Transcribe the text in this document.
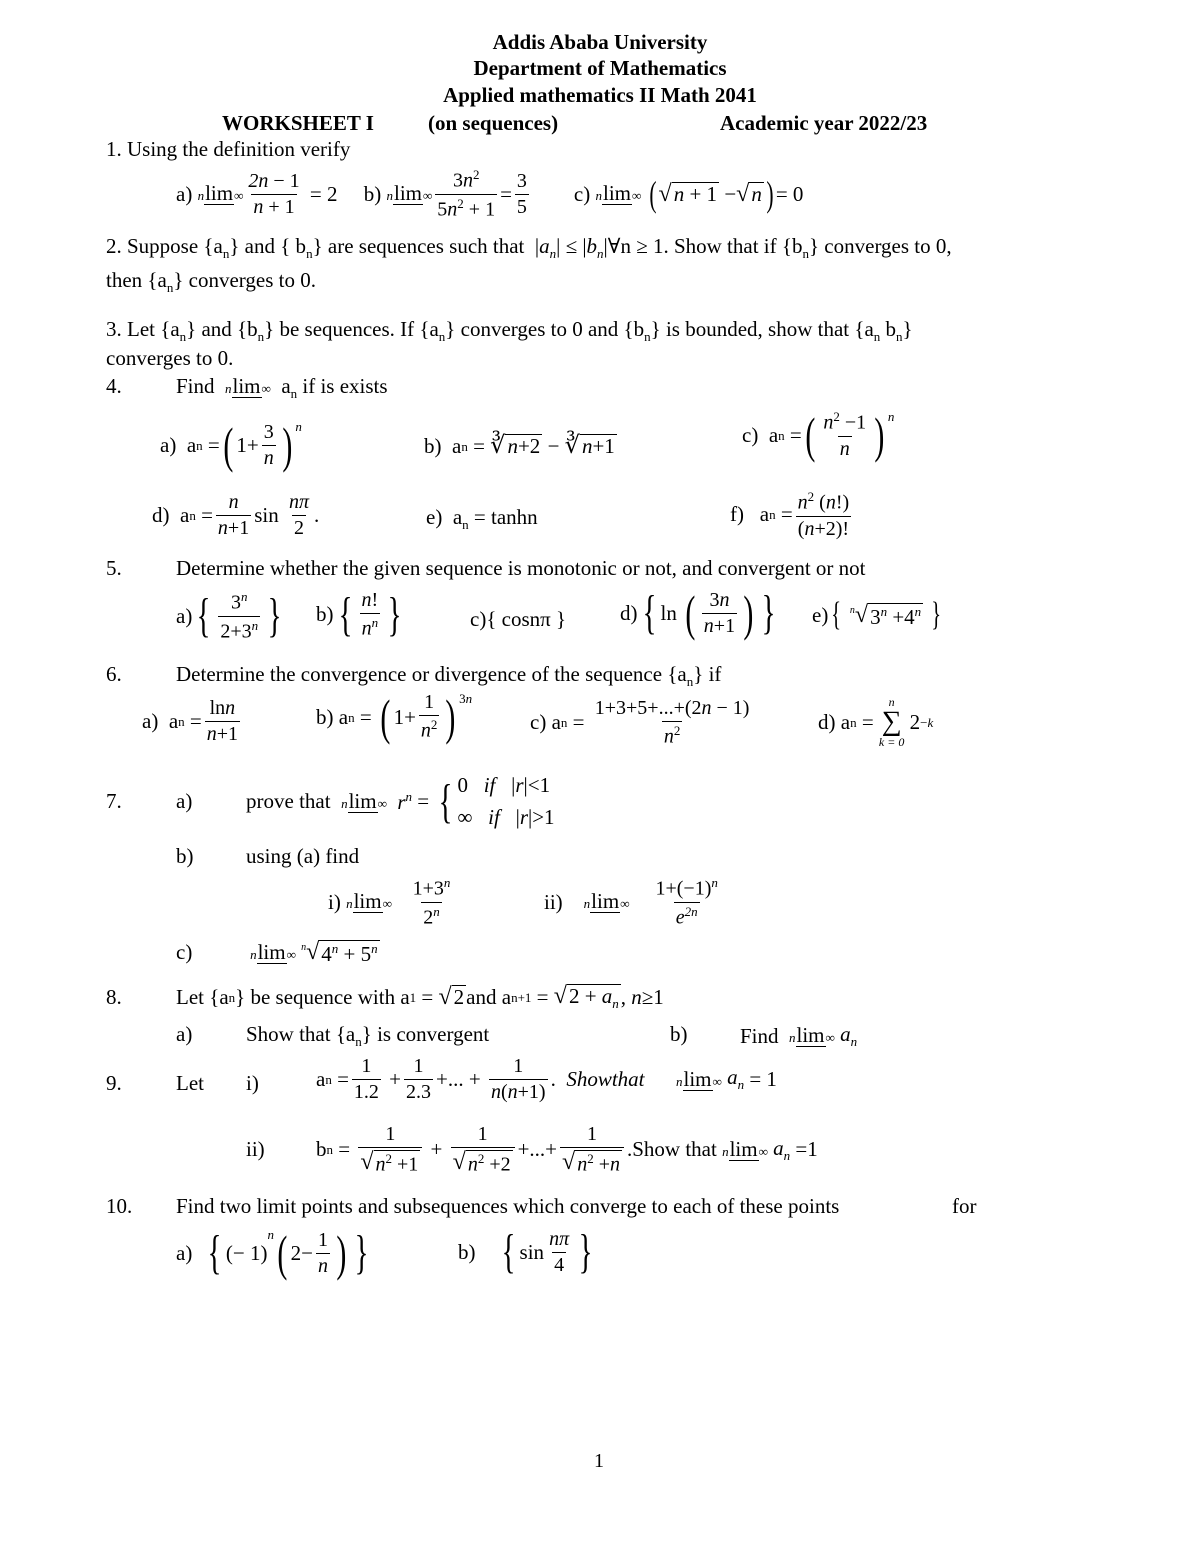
Addis Ababa University
Department of Mathematics
Applied mathematics II Math 2041
WORKSHEET I	(on sequences)	Academic year 2022/23
1. Using the definition verify
a)
n lim ∞ $\frac{2n - 1}{n + 1} = 2$ b)
n lim ∞ $\frac{3n^2}{5n^2 + 1} = \frac{3}{5}$
c)
n lim ∞
( √ n + 1 − √ n ) = 0
2. Suppose $\{a_n\}$ and { $b_n$} are sequences such that  $|a_n|$ ≤ $|b_n|\forall n \ge 1$. Show that if $\{b_n\}$ converges to 0,
then $\{a_n\}$ converges to 0.
3. Let $\{a_n\}$ and $\{b_n\}$ be sequences. If $\{a_n\}$ converges to 0 and $\{b_n\}$ is bounded, show that {$a_n$ $b_n$}
converges to 0.
4.	Find n lim ∞ $a_n$ if is exists
a) a n = ( $1+ \frac{3}{n}$ ) $^n$
b) a n = ∛ n+2 − ∛ n+1	c) a n = ( $\frac{n^2 -1}{n}$ ) $^n$
d) a $n = \frac{n}{n+1}$ $\sin \frac{n\pi}{2}$ .	e)  $a_n = \tanh n$	f) a $n = \frac{n^2 (n!)}{(n+2)!}$
5.	Determine whether the given sequence is monotonic or not, and convergent or not
a) { $\frac{3^n}{2+3^n}$ } b) { $\frac{n!}{n^n}$ }	c){ cosnπ }	d) { ln ( $\frac{3n}{n+1}$ ) } e) {
$^n$√ $3^n +4^n$
}
6.	Determine the convergence or divergence of the sequence $\{a_n\}$ if
a) a $n = \frac{\ln n}{n+1}$	b) a n = ( $1+ \frac{1}{n^2}$ ) $^{3n}$
c) a $n = \frac{1+3+5+...+(2n - 1)}{n^2}$	d) a n =
n
∑
k = 0
2 −k
7.	a)	prove that
n lim ∞
$r^n$ = { 0   if   |r|<1
∞   if   |r|>1
b)	using (a) find
i)
n lim ∞
$\frac{1+3^n}{2^n}$	ii)
n lim ∞
$\frac{1+(-1)^n}{e^{2n}}$
c)
	n lim ∞
$^n$√ $4^n + 5^n$
8.	Let {a n } be sequence with a 1 = √ 2 and a n+1 = √ $2 + a_n$ ,
n ≥1
a)	Show that $\{a_n\}$ is convergent	b)	Find
n lim ∞
$a_n$
9.	Let i)	a $n = \frac{1}{1.2} + \frac{1}{2.3}$ +... + $\frac{1}{n(n+1)}$ . Showthat
n lim ∞
$a_n = 1$
ii) b $n = \frac{1}{√ n^2 +1} + \frac{1}{√ n^2 +2}$ +...+ $\frac{1}{√ n^2 +n}$ . Show that
n lim ∞
$a_n =1$
10. Find two limit points and subsequences which converge to each of these points	for
a)
{ (− 1)
$^n$ ( $2- \frac{1}{n}$ ) }	b)
{ $\sin \frac{n\pi}{4}$ }
1
